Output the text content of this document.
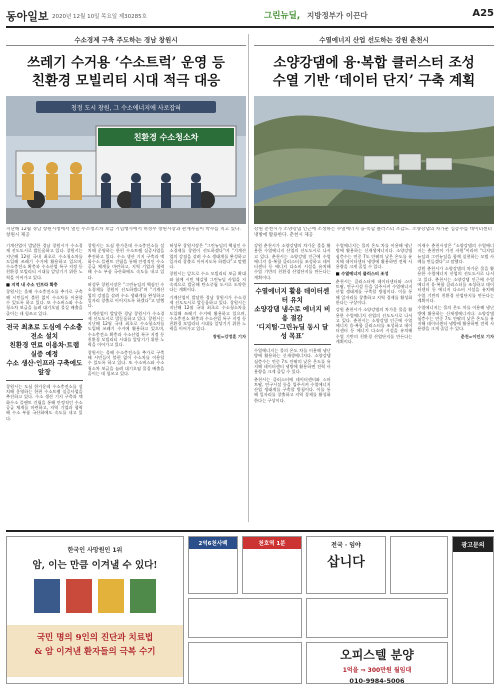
동아일보 2020년 12월 10일 목요일 제30285호	그린뉴딜, 지방정부가 이끈다	A25
수소경제 구축 주도하는 경남 창원시
쓰레기 수거용 ‘수소트럭’ 운영 등
친환경 모빌리티 시대 적극 대응
청정 도시 창원, 그 수소에너지에 사로잡혀
친환경 수소청소차
지난해 12월 경남 창원시청에서 열린 수소청소차 보급 기념행사에서 허성무 창원시장과 관계자들이 박수를 치고 있다. 창원시 제공

기계산업이 발달한 경남 창원시가 수소경제 선도도시로 발돋움하고 있다. 창원시는 지난해 12월 국내 최초로 수소청소차를 도입해 쓰레기 수거에 활용하고 있으며, 수소충전소 확충과 수소산업 특구 지정 등 친환경 모빌리티 시대를 앞당기기 위한 노력을 이어가고 있다.

■ 지역 내 수소 인프라 확충

창원시는 올해 수소충전소를 추가로 구축해 시민들이 불편 없이 수소차를 이용할 수 있도록 하고 있다. 또 수소버스와 수소청소차 보급을 늘려 대기오염 물질 배출을 줄이는 데 힘쓰고 있다.

전국 최초로 도심에 수소충전소 설치
친환경 연료 이용차·트램 실증 예정
수소 생산·인프라 구축에도 앞장

창원시는 도심 한가운데 수소충전소를 설치해 운영하는 한편 수소트램 실증사업을 추진하고 있다. 수소 생산 기지 구축과 액화수소 플랜트 건립을 통해 안정적인 수소 공급 체계를 마련하고, 지역 기업과 협력해 수소 부품 국산화에도 속도를 내고 있다.

창원시는 도심 한가운데 수소충전소를 설치해 운영하는 한편 수소트램 실증사업을 추진하고 있다. 수소 생산 기지 구축과 액화수소 플랜트 건립을 통해 안정적인 수소 공급 체계를 마련하고, 지역 기업과 협력해 수소 부품 국산화에도 속도를 내고 있다.

허성무 창원시장은 “그린뉴딜의 핵심인 수소경제를 창원이 선도하겠다”며 “기계산업의 강점을 살려 수소 생태계를 완성하고 일자리 창출로 이어지도록 하겠다”고 말했다.

기계산업이 발달한 경남 창원시가 수소경제 선도도시로 발돋움하고 있다. 창원시는 지난해 12월 국내 최초로 수소청소차를 도입해 쓰레기 수거에 활용하고 있으며, 수소충전소 확충과 수소산업 특구 지정 등 친환경 모빌리티 시대를 앞당기기 위한 노력을 이어가고 있다.

창원시는 올해 수소충전소를 추가로 구축해 시민들이 불편 없이 수소차를 이용할 수 있도록 하고 있다. 또 수소버스와 수소청소차 보급을 늘려 대기오염 물질 배출을 줄이는 데 힘쓰고 있다.

허성무 창원시장은 “그린뉴딜의 핵심인 수소경제를 창원이 선도하겠다”며 “기계산업의 강점을 살려 수소 생태계를 완성하고 일자리 창출로 이어지도록 하겠다”고 말했다.

창원시는 앞으로 수소 모빌리티 보급 확대와 함께 시민 체감형 그린뉴딜 사업을 지속적으로 발굴해 탄소중립 도시로 도약한다는 계획이다.

기계산업이 발달한 경남 창원시가 수소경제 선도도시로 발돋움하고 있다. 창원시는 지난해 12월 국내 최초로 수소청소차를 도입해 쓰레기 수거에 활용하고 있으며, 수소충전소 확충과 수소산업 특구 지정 등 친환경 모빌리티 시대를 앞당기기 위한 노력을 이어가고 있다.

창원=강정훈 기자

수열에너지 산업 선도하는 강원 춘천시
소양강댐에 융·복합 클러스터 조성
수열 기반 ‘데이터 단지’ 구축 계획
강원 춘천시가 소양강댐 인근에 조성하는 수열에너지 융·복합 클러스터 조감도. 소양강댐의 차가운 심층수를 데이터센터 냉방에 활용한다. 춘천시 제공

강원 춘천시가 소양강댐의 차가운 물을 활용한 수열에너지 산업의 선도도시로 나서고 있다. 춘천시는 소양강댐 인근에 수열에너지 융·복합 클러스터를 조성하고 데이터센터 등 에너지 다소비 시설을 유치해 수열 기반의 친환경 산업단지를 만든다는 계획이다.

수열에너지 활용 데이터센터 유치
소양강댐 냉수로 에너지 비용 절감
‘디지털·그린뉴딜 동시 달성 목표’

수열에너지는 물의 온도 차를 이용해 냉난방에 활용하는 신재생에너지다. 소양강댐 심층수는 연중 7도 안팎의 낮은 온도를 유지해 데이터센터 냉방에 활용하면 전력 사용량을 크게 줄일 수 있다.

춘천시는 클러스터에 데이터센터와 스마트팜, 연구시설 등을 입주시켜 수열에너지 산업 생태계를 구축할 방침이다. 이를 통해 일자리를 창출하고 지역 경제를 활성화한다는 구상이다.

수열에너지는 물의 온도 차를 이용해 냉난방에 활용하는 신재생에너지다. 소양강댐 심층수는 연중 7도 안팎의 낮은 온도를 유지해 데이터센터 냉방에 활용하면 전력 사용량을 크게 줄일 수 있다.

■ 수열에너지 클러스터 조성

춘천시는 클러스터에 데이터센터와 스마트팜, 연구시설 등을 입주시켜 수열에너지 산업 생태계를 구축할 방침이다. 이를 통해 일자리를 창출하고 지역 경제를 활성화한다는 구상이다.

강원 춘천시가 소양강댐의 차가운 물을 활용한 수열에너지 산업의 선도도시로 나서고 있다. 춘천시는 소양강댐 인근에 수열에너지 융·복합 클러스터를 조성하고 데이터센터 등 에너지 다소비 시설을 유치해 수열 기반의 친환경 산업단지를 만든다는 계획이다.

이재수 춘천시장은 “소양강댐의 수열에너지는 춘천만이 가진 자원”이라며 “디지털 뉴딜과 그린뉴딜을 함께 실현하는 모범 사례를 만들겠다”고 말했다.

강원 춘천시가 소양강댐의 차가운 물을 활용한 수열에너지 산업의 선도도시로 나서고 있다. 춘천시는 소양강댐 인근에 수열에너지 융·복합 클러스터를 조성하고 데이터센터 등 에너지 다소비 시설을 유치해 수열 기반의 친환경 산업단지를 만든다는 계획이다.

수열에너지는 물의 온도 차를 이용해 냉난방에 활용하는 신재생에너지다. 소양강댐 심층수는 연중 7도 안팎의 낮은 온도를 유지해 데이터센터 냉방에 활용하면 전력 사용량을 크게 줄일 수 있다.

춘천=이인모 기자

한국인 사망원인 1위
암, 이는 만큼 이겨낼 수 있다!
국민 명의 9인의 진단과 치료법
& 암 이겨낸 환자들의 극복 수기
2억6천사백	천호역 1분	전국 · 임야
삽니다
광고문의
오피스텔 분양
1억을 ⇒ 300만원 월임대
010-9984-5006
